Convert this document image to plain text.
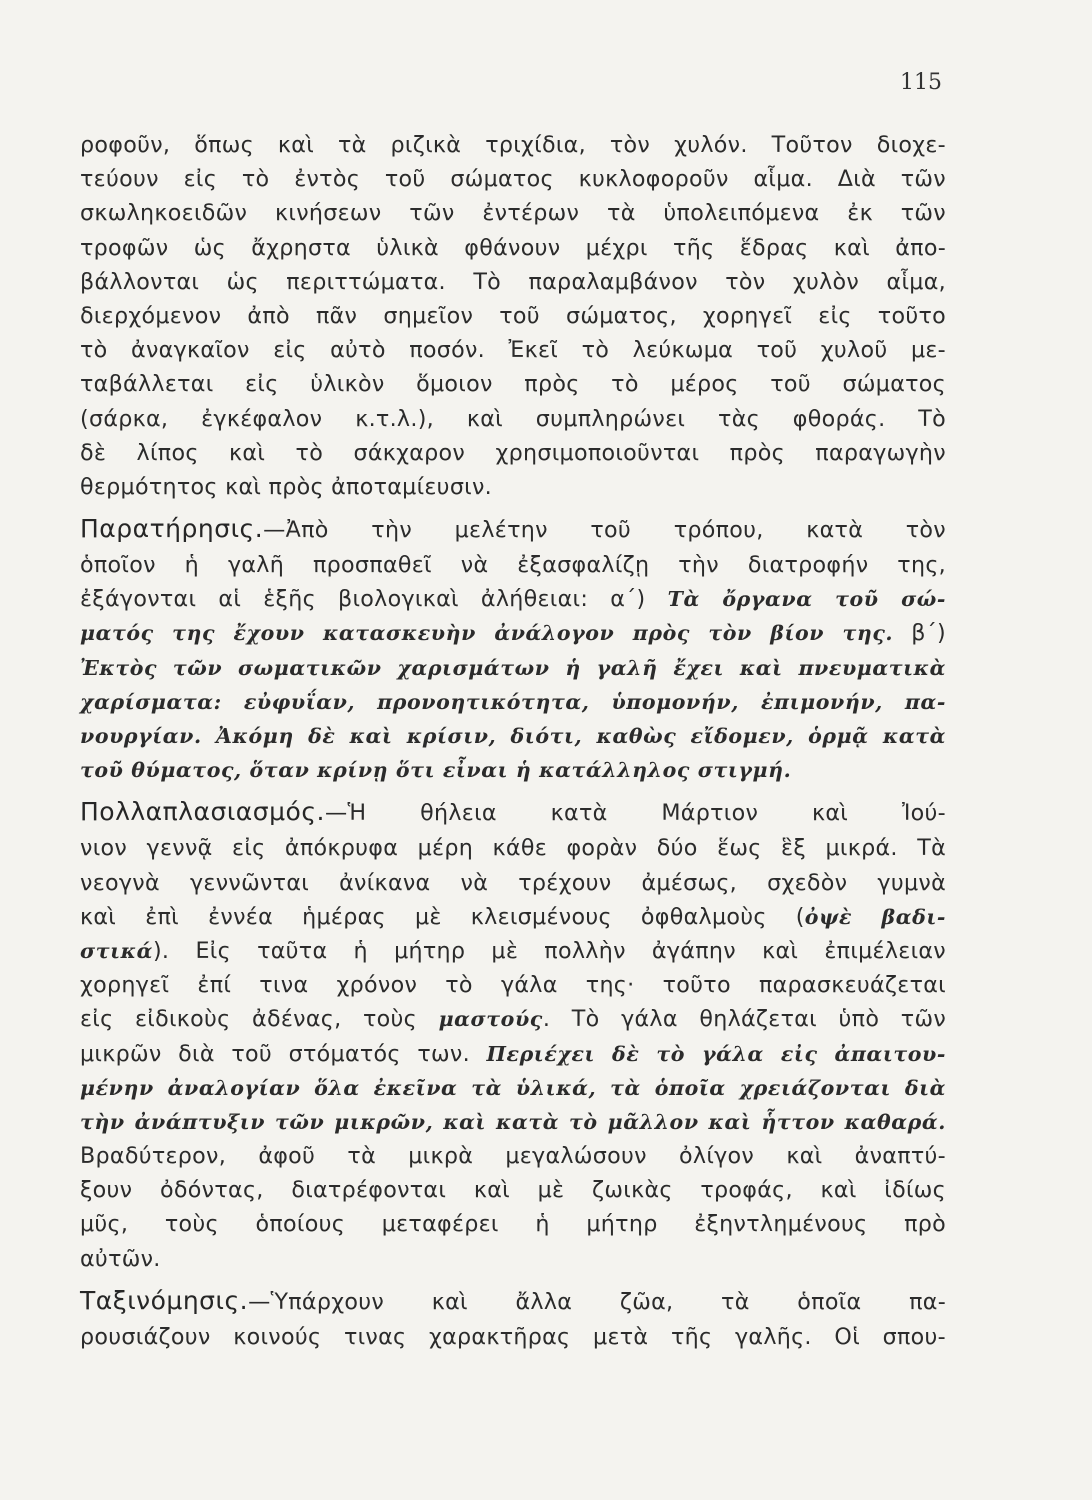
115
ροφοῦν, ὅπως καὶ τὰ ριζικὰ τριχίδια, τὸν χυλόν. Τοῦτον διοχε-
τεύουν εἰς τὸ ἐντὸς τοῦ σώματος κυκλοφοροῦν αἷμα. Διὰ τῶν
σκωληκοειδῶν κινήσεων τῶν ἐντέρων τὰ ὑπολειπόμενα ἐκ τῶν
τροφῶν ὡς ἄχρηστα ὑλικὰ φθάνουν μέχρι τῆς ἕδρας καὶ ἀπο-
βάλλονται ὡς περιττώματα. Τὸ παραλαμβάνον τὸν χυλὸν αἷμα,
διερχόμενον ἀπὸ πᾶν σημεῖον τοῦ σώματος, χορηγεῖ εἰς τοῦτο
τὸ ἀναγκαῖον εἰς αὐτὸ ποσόν. Ἐκεῖ τὸ λεύκωμα τοῦ χυλοῦ με-
ταβάλλεται εἰς ὑλικὸν ὅμοιον πρὸς τὸ μέρος τοῦ σώματος
(σάρκα, ἐγκέφαλον κ.τ.λ.), καὶ συμπληρώνει τὰς φθοράς. Τὸ
δὲ λίπος καὶ τὸ σάκχαρον χρησιμοποιοῦνται πρὸς παραγωγὴν
θερμότητος καὶ πρὸς ἀποταμίευσιν.
Παρατήρησις.—Ἀπὸ τὴν μελέτην τοῦ τρόπου, κατὰ τὸν
ὁποῖον ἡ γαλῆ προσπαθεῖ νὰ ἐξασφαλίζῃ τὴν διατροφήν της,
ἐξάγονται αἱ ἑξῆς βιολογικαὶ ἀλήθειαι: α΄) Τὰ ὄργανα τοῦ σώ-
ματός της ἔχουν κατασκευὴν ἀνάλογον πρὸς τὸν βίον της. β΄)
Ἐκτὸς τῶν σωματικῶν χαρισμάτων ἡ γαλῆ ἔχει καὶ πνευματικὰ
χαρίσματα: εὐφυΐαν, προνοητικότητα, ὑπομονήν, ἐπιμονήν, πα-
νουργίαν. Ἀκόμη δὲ καὶ κρίσιν, διότι, καθὼς εἴδομεν, ὁρμᾷ κατὰ
τοῦ θύματος, ὅταν κρίνῃ ὅτι εἶναι ἡ κατάλληλος στιγμή.
Πολλαπλασιασμός.—Ἡ θήλεια κατὰ Μάρτιον καὶ Ἰού-
νιον γεννᾷ εἰς ἀπόκρυφα μέρη κάθε φορὰν δύο ἕως ἓξ μικρά. Τὰ
νεογνὰ γεννῶνται ἀνίκανα νὰ τρέχουν ἀμέσως, σχεδὸν γυμνὰ
καὶ ἐπὶ ἐννέα ἡμέρας μὲ κλεισμένους ὀφθαλμοὺς (ὀψὲ βαδι-
στικά). Εἰς ταῦτα ἡ μήτηρ μὲ πολλὴν ἀγάπην καὶ ἐπιμέλειαν
χορηγεῖ ἐπί τινα χρόνον τὸ γάλα της· τοῦτο παρασκευάζεται
εἰς εἰδικοὺς ἀδένας, τοὺς μαστούς. Τὸ γάλα θηλάζεται ὑπὸ τῶν
μικρῶν διὰ τοῦ στόματός των. Περιέχει δὲ τὸ γάλα εἰς ἀπαιτου-
μένην ἀναλογίαν ὅλα ἐκεῖνα τὰ ὑλικά, τὰ ὁποῖα χρειάζονται διὰ
τὴν ἀνάπτυξιν τῶν μικρῶν, καὶ κατὰ τὸ μᾶλλον καὶ ἧττον καθαρά.
Βραδύτερον, ἀφοῦ τὰ μικρὰ μεγαλώσουν ὀλίγον καὶ ἀναπτύ-
ξουν ὀδόντας, διατρέφονται καὶ μὲ ζωικὰς τροφάς, καὶ ἰδίως
μῦς, τοὺς ὁποίους μεταφέρει ἡ μήτηρ ἐξηντλημένους πρὸ
αὐτῶν.
Ταξινόμησις.—Ὑπάρχουν καὶ ἄλλα ζῶα, τὰ ὁποῖα πα-
ρουσιάζουν κοινούς τινας χαρακτῆρας μετὰ τῆς γαλῆς. Οἱ σπου-
